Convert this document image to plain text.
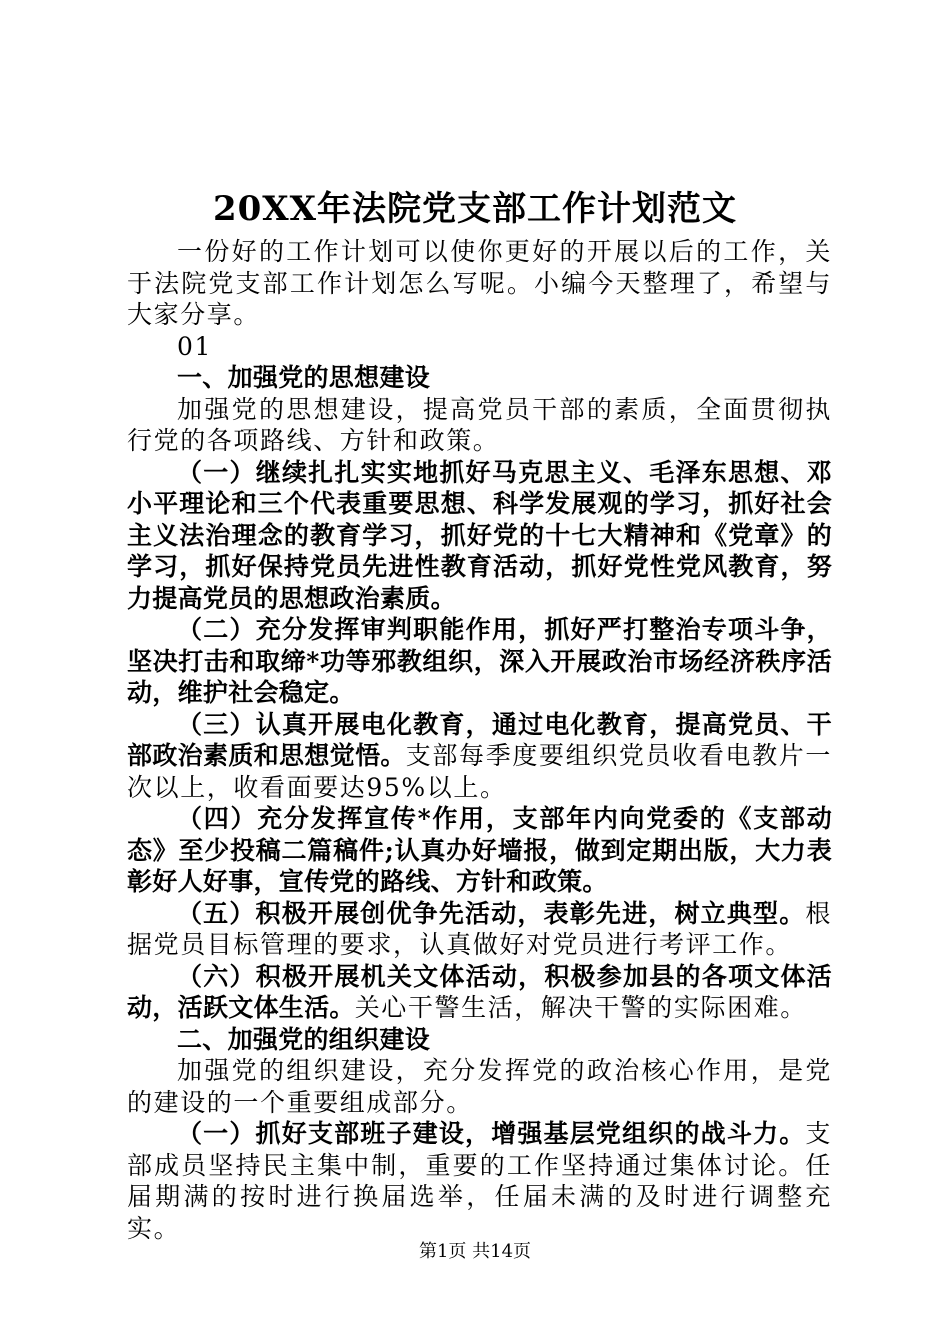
20XX年法院党支部工作计划范文

一份好的工作计划可以使你更好的开展以后的工作，关于法院党支部工作计划怎么写呢。小编今天整理了，希望与大家分享。

01

一、加强党的思想建设

加强党的思想建设，提高党员干部的素质，全面贯彻执行党的各项路线、方针和政策。

（一）继续扎扎实实地抓好马克思主义、毛泽东思想、邓小平理论和三个代表重要思想、科学发展观的学习，抓好社会主义法治理念的教育学习，抓好党的十七大精神和《党章》的学习，抓好保持党员先进性教育活动，抓好党性党风教育，努力提高党员的思想政治素质。

（二）充分发挥审判职能作用，抓好严打整治专项斗争，坚决打击和取缔*功等邪教组织，深入开展政治市场经济秩序活动，维护社会稳定。

（三）认真开展电化教育，通过电化教育，提高党员、干部政治素质和思想觉悟。支部每季度要组织党员收看电教片一次以上，收看面要达95%以上。

（四）充分发挥宣传*作用，支部年内向党委的《支部动态》至少投稿二篇稿件;认真办好墙报，做到定期出版，大力表彰好人好事，宣传党的路线、方针和政策。

（五）积极开展创优争先活动，表彰先进，树立典型。根据党员目标管理的要求，认真做好对党员进行考评工作。

（六）积极开展机关文体活动，积极参加县的各项文体活动，活跃文体生活。关心干警生活，解决干警的实际困难。

二、加强党的组织建设

加强党的组织建设，充分发挥党的政治核心作用，是党的建设的一个重要组成部分。

（一）抓好支部班子建设，增强基层党组织的战斗力。支部成员坚持民主集中制，重要的工作坚持通过集体讨论。任届期满的按时进行换届选举，任届未满的及时进行调整充实。

第1页 共14页
